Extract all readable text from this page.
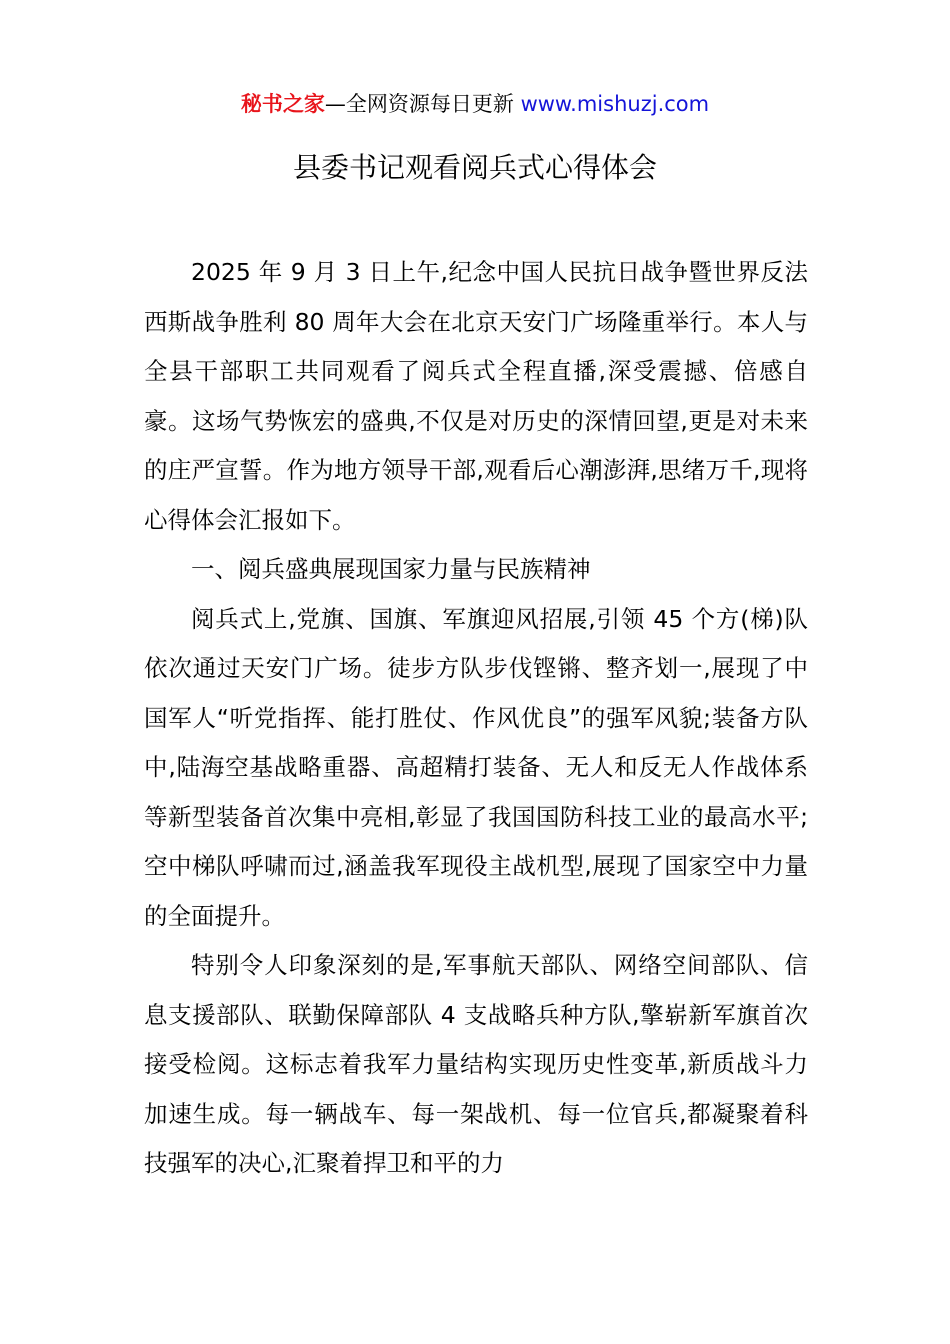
秘书之家—全网资源每日更新 www.mishuzj.com
县委书记观看阅兵式心得体会

2025 年 9 月 3 日上午,纪念中国人民抗日战争暨世界反法西斯战争胜利 80 周年大会在北京天安门广场隆重举行。本人与全县干部职工共同观看了阅兵式全程直播,深受震撼、倍感自豪。这场气势恢宏的盛典,不仅是对历史的深情回望,更是对未来的庄严宣誓。作为地方领导干部,观看后心潮澎湃,思绪万千,现将心得体会汇报如下。

一、阅兵盛典展现国家力量与民族精神

阅兵式上,党旗、国旗、军旗迎风招展,引领 45 个方(梯)队依次通过天安门广场。徒步方队步伐铿锵、整齐划一,展现了中国军人“听党指挥、能打胜仗、作风优良”的强军风貌;装备方队中,陆海空基战略重器、高超精打装备、无人和反无人作战体系等新型装备首次集中亮相,彰显了我国国防科技工业的最高水平;空中梯队呼啸而过,涵盖我军现役主战机型,展现了国家空中力量的全面提升。

特别令人印象深刻的是,军事航天部队、网络空间部队、信息支援部队、联勤保障部队 4 支战略兵种方队,擎崭新军旗首次接受检阅。这标志着我军力量结构实现历史性变革,新质战斗力加速生成。每一辆战车、每一架战机、每一位官兵,都凝聚着科技强军的决心,汇聚着捍卫和平的力
